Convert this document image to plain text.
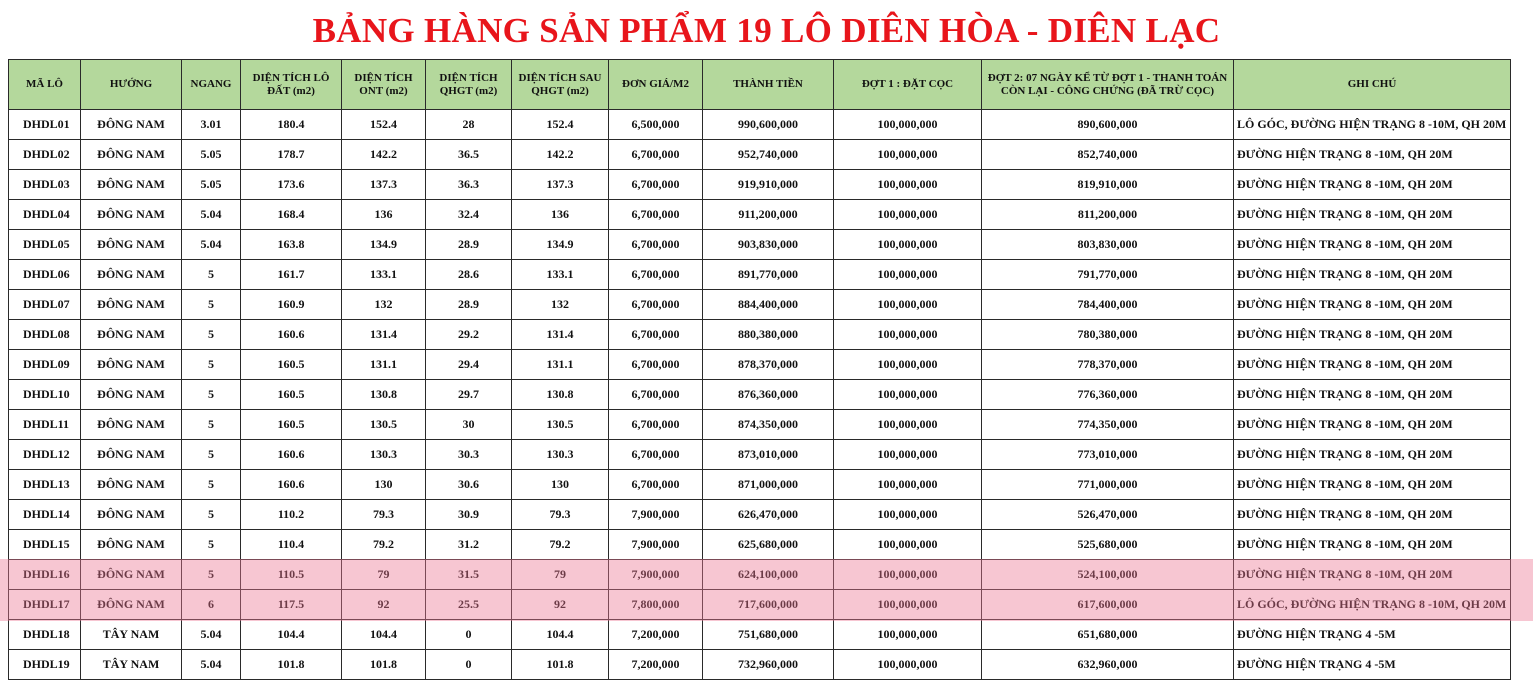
BẢNG HÀNG SẢN PHẨM 19 LÔ DIÊN HÒA - DIÊN LẠC
MÃ LÔ	HƯỚNG	NGANG	DIỆN TÍCH LÔ ĐẤT (m2)	DIỆN TÍCH ONT (m2)	DIỆN TÍCH QHGT (m2)	DIỆN TÍCH SAU QHGT (m2)	ĐƠN GIÁ/M2	THÀNH TIỀN	ĐỢT 1 : ĐẶT CỌC	ĐỢT 2: 07 NGÀY KỂ TỪ ĐỢT 1 - THANH TOÁN CÒN LẠI - CÔNG CHỨNG (ĐÃ TRỪ CỌC)	GHI CHÚ
DHDL01	ĐÔNG NAM	3.01	180.4	152.4	28	152.4	6,500,000	990,600,000	100,000,000	890,600,000	LÔ GÓC, ĐƯỜNG HIỆN TRẠNG 8 -10M, QH 20M
DHDL02	ĐÔNG NAM	5.05	178.7	142.2	36.5	142.2	6,700,000	952,740,000	100,000,000	852,740,000	ĐƯỜNG HIỆN TRẠNG 8 -10M, QH 20M
DHDL03	ĐÔNG NAM	5.05	173.6	137.3	36.3	137.3	6,700,000	919,910,000	100,000,000	819,910,000	ĐƯỜNG HIỆN TRẠNG 8 -10M, QH 20M
DHDL04	ĐÔNG NAM	5.04	168.4	136	32.4	136	6,700,000	911,200,000	100,000,000	811,200,000	ĐƯỜNG HIỆN TRẠNG 8 -10M, QH 20M
DHDL05	ĐÔNG NAM	5.04	163.8	134.9	28.9	134.9	6,700,000	903,830,000	100,000,000	803,830,000	ĐƯỜNG HIỆN TRẠNG 8 -10M, QH 20M
DHDL06	ĐÔNG NAM	5	161.7	133.1	28.6	133.1	6,700,000	891,770,000	100,000,000	791,770,000	ĐƯỜNG HIỆN TRẠNG 8 -10M, QH 20M
DHDL07	ĐÔNG NAM	5	160.9	132	28.9	132	6,700,000	884,400,000	100,000,000	784,400,000	ĐƯỜNG HIỆN TRẠNG 8 -10M, QH 20M
DHDL08	ĐÔNG NAM	5	160.6	131.4	29.2	131.4	6,700,000	880,380,000	100,000,000	780,380,000	ĐƯỜNG HIỆN TRẠNG 8 -10M, QH 20M
DHDL09	ĐÔNG NAM	5	160.5	131.1	29.4	131.1	6,700,000	878,370,000	100,000,000	778,370,000	ĐƯỜNG HIỆN TRẠNG 8 -10M, QH 20M
DHDL10	ĐÔNG NAM	5	160.5	130.8	29.7	130.8	6,700,000	876,360,000	100,000,000	776,360,000	ĐƯỜNG HIỆN TRẠNG 8 -10M, QH 20M
DHDL11	ĐÔNG NAM	5	160.5	130.5	30	130.5	6,700,000	874,350,000	100,000,000	774,350,000	ĐƯỜNG HIỆN TRẠNG 8 -10M, QH 20M
DHDL12	ĐÔNG NAM	5	160.6	130.3	30.3	130.3	6,700,000	873,010,000	100,000,000	773,010,000	ĐƯỜNG HIỆN TRẠNG 8 -10M, QH 20M
DHDL13	ĐÔNG NAM	5	160.6	130	30.6	130	6,700,000	871,000,000	100,000,000	771,000,000	ĐƯỜNG HIỆN TRẠNG 8 -10M, QH 20M
DHDL14	ĐÔNG NAM	5	110.2	79.3	30.9	79.3	7,900,000	626,470,000	100,000,000	526,470,000	ĐƯỜNG HIỆN TRẠNG 8 -10M, QH 20M
DHDL15	ĐÔNG NAM	5	110.4	79.2	31.2	79.2	7,900,000	625,680,000	100,000,000	525,680,000	ĐƯỜNG HIỆN TRẠNG 8 -10M, QH 20M
DHDL16	ĐÔNG NAM	5	110.5	79	31.5	79	7,900,000	624,100,000	100,000,000	524,100,000	ĐƯỜNG HIỆN TRẠNG 8 -10M, QH 20M
DHDL17	ĐÔNG NAM	6	117.5	92	25.5	92	7,800,000	717,600,000	100,000,000	617,600,000	LÔ GÓC, ĐƯỜNG HIỆN TRẠNG 8 -10M, QH 20M
DHDL18	TÂY NAM	5.04	104.4	104.4	0	104.4	7,200,000	751,680,000	100,000,000	651,680,000	ĐƯỜNG HIỆN TRẠNG 4 -5M
DHDL19	TÂY NAM	5.04	101.8	101.8	0	101.8	7,200,000	732,960,000	100,000,000	632,960,000	ĐƯỜNG HIỆN TRẠNG 4 -5M
